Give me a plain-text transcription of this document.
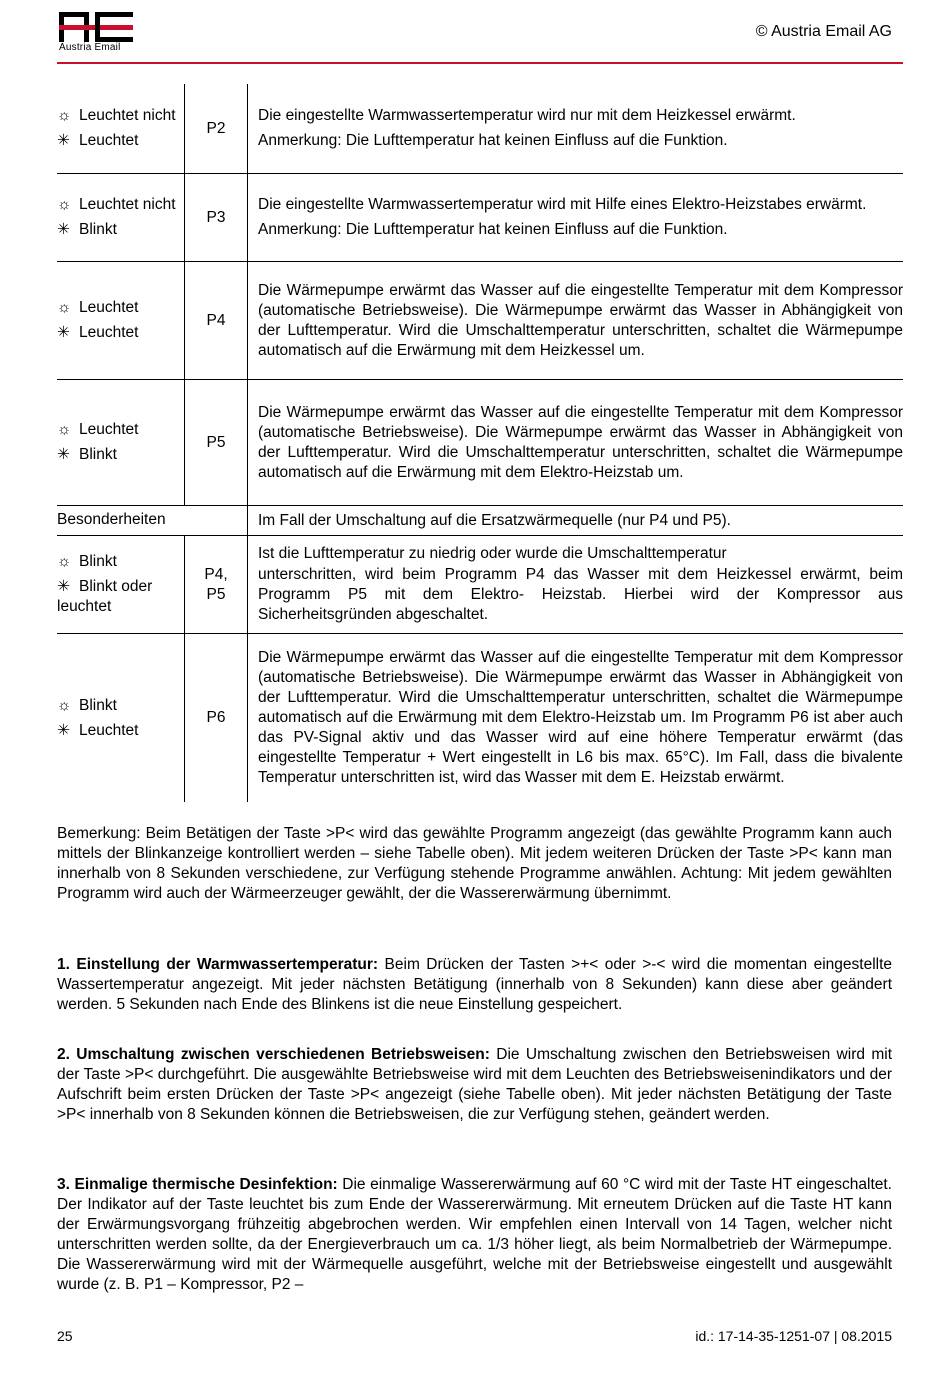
Austria Email
© Austria Email AG
☼ Leuchtet nicht
✳ Leuchtet
P2
Die eingestellte Warmwassertemperatur wird nur mit dem Heizkessel erwärmt.
Anmerkung: Die Lufttemperatur hat keinen Einfluss auf die Funktion.
☼ Leuchtet nicht
✳ Blinkt
P3
Die eingestellte Warmwassertemperatur wird mit Hilfe eines Elektro-Heizstabes erwärmt.
Anmerkung: Die Lufttemperatur hat keinen Einfluss auf die Funktion.
☼ Leuchtet
✳ Leuchtet
P4
Die Wärmepumpe erwärmt das Wasser auf die eingestellte Temperatur mit dem Kompressor (automatische Betriebsweise). Die Wärmepumpe erwärmt das Wasser in Abhängigkeit von der Lufttemperatur. Wird die Umschalttemperatur unterschritten, schaltet die Wärmepumpe automatisch auf die Erwärmung mit dem Heizkessel um.
☼ Leuchtet
✳ Blinkt
P5
Die Wärmepumpe erwärmt das Wasser auf die eingestellte Temperatur mit dem Kompressor (automatische Betriebsweise). Die Wärmepumpe erwärmt das Wasser in Abhängigkeit von der Lufttemperatur. Wird die Umschalttemperatur unterschritten, schaltet die Wärmepumpe automatisch auf die Erwärmung mit dem Elektro-Heizstab um.
Besonderheiten	Im Fall der Umschaltung auf die Ersatzwärmequelle (nur P4 und P5).
☼ Blinkt
✳ Blinkt oder leuchtet
P4, P5
Ist die Lufttemperatur zu niedrig oder wurde die Umschalttemperatur
unterschritten, wird beim Programm P4 das Wasser mit dem Heizkessel erwärmt, beim Programm P5 mit dem Elektro- Heizstab. Hierbei wird der Kompressor aus Sicherheitsgründen abgeschaltet.
☼ Blinkt
✳ Leuchtet
P6
Die Wärmepumpe erwärmt das Wasser auf die eingestellte Temperatur mit dem Kompressor (automatische Betriebsweise). Die Wärmepumpe erwärmt das Wasser in Abhängigkeit von der Lufttemperatur. Wird die Umschalttemperatur unterschritten, schaltet die Wärmepumpe automatisch auf die Erwärmung mit dem Elektro-Heizstab um. Im Programm P6 ist aber auch das PV-Signal aktiv und das Wasser wird auf eine höhere Temperatur erwärmt (das eingestellte Temperatur + Wert eingestellt in L6 bis max. 65°C). Im Fall, dass die bivalente Temperatur unterschritten ist, wird das Wasser mit dem E. Heizstab erwärmt.
Bemerkung: Beim Betätigen der Taste >P< wird das gewählte Programm angezeigt (das gewählte Programm kann auch mittels der Blinkanzeige kontrolliert werden – siehe Tabelle oben). Mit jedem weiteren Drücken der Taste >P< kann man innerhalb von 8 Sekunden verschiedene, zur Verfügung stehende Programme anwählen. Achtung: Mit jedem gewählten Programm wird auch der Wärmeerzeuger gewählt, der die Wassererwärmung übernimmt.
1. Einstellung der Warmwassertemperatur: Beim Drücken der Tasten >+< oder >-< wird die momentan eingestellte Wassertemperatur angezeigt. Mit jeder nächsten Betätigung (innerhalb von 8 Sekunden) kann diese aber geändert werden. 5 Sekunden nach Ende des Blinkens ist die neue Einstellung gespeichert.
2. Umschaltung zwischen verschiedenen Betriebsweisen: Die Umschaltung zwischen den Betriebsweisen wird mit der Taste >P< durchgeführt. Die ausgewählte Betriebsweise wird mit dem Leuchten des Betriebsweisenindikators und der Aufschrift beim ersten Drücken der Taste >P< angezeigt (siehe Tabelle oben). Mit jeder nächsten Betätigung der Taste >P< innerhalb von 8 Sekunden können die Betriebsweisen, die zur Verfügung stehen, geändert werden.
3. Einmalige thermische Desinfektion: Die einmalige Wassererwärmung auf 60 °C wird mit der Taste HT eingeschaltet. Der Indikator auf der Taste leuchtet bis zum Ende der Wassererwärmung. Mit erneutem Drücken auf die Taste HT kann der Erwärmungsvorgang frühzeitig abgebrochen werden. Wir empfehlen einen Intervall von 14 Tagen, welcher nicht unterschritten werden sollte, da der Energieverbrauch um ca. 1/3 höher liegt, als beim Normalbetrieb der Wärmepumpe. Die Wassererwärmung wird mit der Wärmequelle ausgeführt, welche mit der Betriebsweise eingestellt und ausgewählt wurde (z. B. P1 – Kompressor, P2 –
25	id.: 17-14-35-1251-07 | 08.2015
